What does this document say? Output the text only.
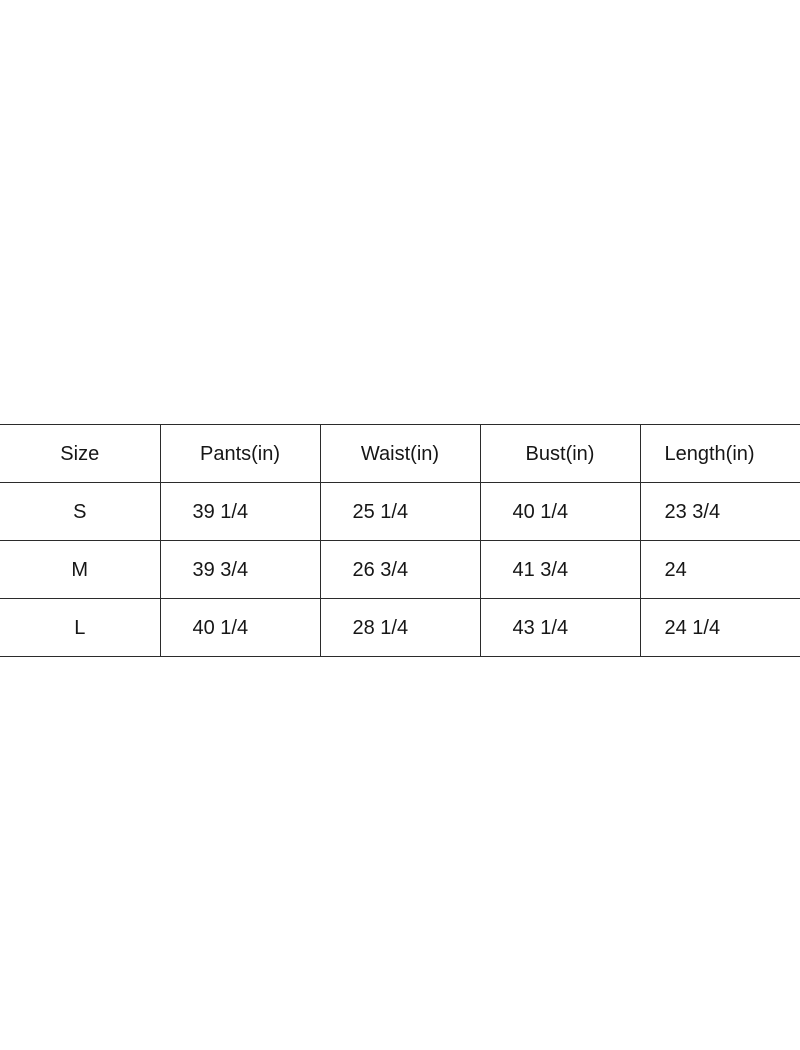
Size	Pants(in)	Waist(in)	Bust(in)	Length(in)
S	39 1/4	25 1/4	40 1/4	23 3/4
M	39 3/4	26 3/4	41 3/4	24
L	40 1/4	28 1/4	43 1/4	24 1/4
